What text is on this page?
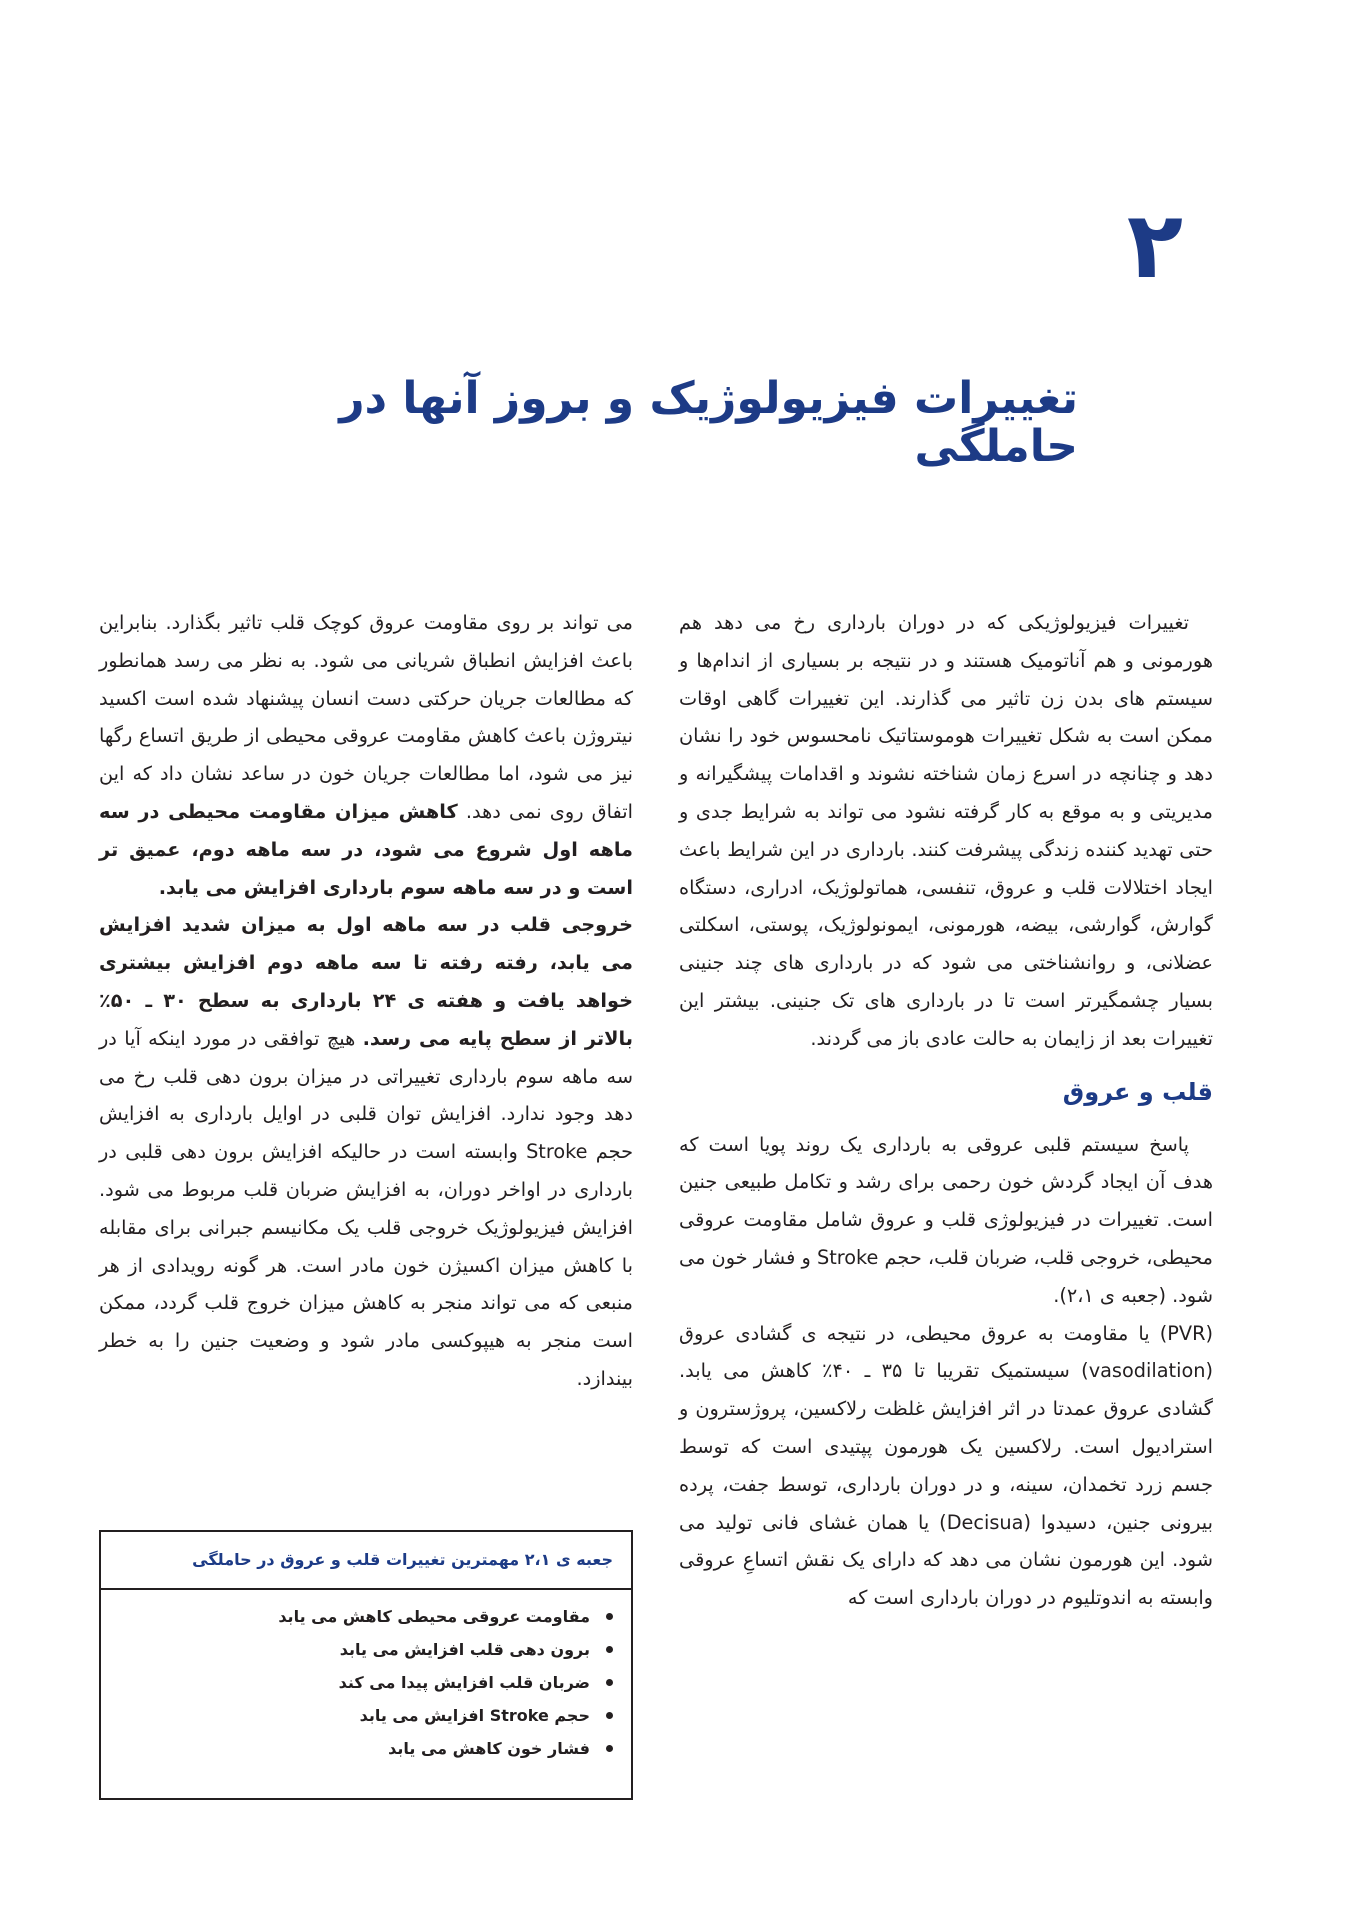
۲
تغییرات فیزیولوژیک و بروز آنها در حاملگی

تغییرات فیزیولوژیکی که در دوران بارداری رخ می دهد هم هورمونی و هم آناتومیک هستند و در نتیجه بر بسیاری از اندام‌ها و سیستم های بدن زن تاثیر می گذارند. این تغییرات گاهی اوقات ممکن است به شکل تغییرات هوموستاتیک نامحسوس خود را نشان دهد و چنانچه در اسرع زمان شناخته نشوند و اقدامات پیشگیرانه و مدیریتی و به موقع به کار گرفته نشود می تواند به شرایط جدی و حتی تهدید کننده زندگی پیشرفت کنند. بارداری در این شرایط باعث ایجاد اختلالات قلب و عروق، تنفسی، هماتولوژیک، ادراری، دستگاه گوارش، گوارشی، بیضه، هورمونی، ایمونولوژیک، پوستی، اسکلتی عضلانی، و روانشناختی می شود که در بارداری های چند جنینی بسیار چشمگیرتر است تا در بارداری های تک جنینی. بیشتر این تغییرات بعد از زایمان به حالت عادی باز می گردند.

قلب و عروق

پاسخ سیستم قلبی عروقی به بارداری یک روند پویا است که هدف آن ایجاد گردش خون رحمی برای رشد و تکامل طبیعی جنین است. تغییرات در فیزیولوژی قلب و عروق شامل مقاومت عروقی محیطی، خروجی قلب، ضربان قلب، حجم Stroke و فشار خون می شود. (جعبه ی ۲،۱).

(PVR) یا مقاومت به عروق محیطی، در نتیجه ی گشادی عروق (vasodilation) سیستمیک تقریبا تا ۳۵ ـ ۴۰٪ کاهش می یابد. گشادی عروق عمدتا در اثر افزایش غلظت رلاکسین، پروژسترون و استرادیول است. رلاکسین یک هورمون پپتیدی است که توسط جسم زرد تخمدان، سینه، و در دوران بارداری، توسط جفت، پرده بیرونی جنین، دسیدوا (Decisua) یا همان غشای فانی تولید می شود. این هورمون نشان می دهد که دارای یک نقش اتساعِ عروقی وابسته به اندوتلیوم در دوران بارداری است که

می تواند بر روی مقاومت عروق کوچک قلب تاثیر بگذارد. بنابراین باعث افزایش انطباق شریانی می شود. به نظر می رسد همانطور که مطالعات جریان حرکتی دست انسان پیشنهاد شده است اکسید نیتروژن باعث کاهش مقاومت عروقی محیطی از طریق اتساع رگها نیز می شود، اما مطالعات جریان خون در ساعد نشان داد که این اتفاق روی نمی دهد. کاهش میزان مقاومت محیطی در سه ماهه اول شروع می شود، در سه ماهه دوم، عمیق تر است و در سه ماهه سوم بارداری افزایش می یابد.

خروجی قلب در سه ماهه اول به میزان شدید افزایش می یابد، رفته رفته تا سه ماهه دوم افزایش بیشتری خواهد یافت و هفته ی ۲۴ بارداری به سطح ۳۰ ـ ۵۰٪ بالاتر از سطح پایه می رسد. هیچ توافقی در مورد اینکه آیا در سه ماهه سوم بارداری تغییراتی در میزان برون دهی قلب رخ می دهد وجود ندارد. افزایش توان قلبی در اوایل بارداری به افزایش حجم Stroke وابسته است در حالیکه افزایش برون دهی قلبی در بارداری در اواخر دوران، به افزایش ضربان قلب مربوط می شود. افزایش فیزیولوژیک خروجی قلب یک مکانیسم جبرانی برای مقابله با کاهش میزان اکسیژن خون مادر است. هر گونه رویدادی از هر منبعی که می تواند منجر به کاهش میزان خروج قلب گردد، ممکن است منجر به هیپوکسی مادر شود و وضعیت جنین را به خطر بیندازد.

جعبه ی ۲،۱ مهمترین تغییرات قلب و عروق در حاملگی
مقاومت عروقی محیطی کاهش می یابد
برون دهی قلب افزایش می یابد
ضربان قلب افزایش پیدا می کند
حجم Stroke افزایش می یابد
فشار خون کاهش می یابد
